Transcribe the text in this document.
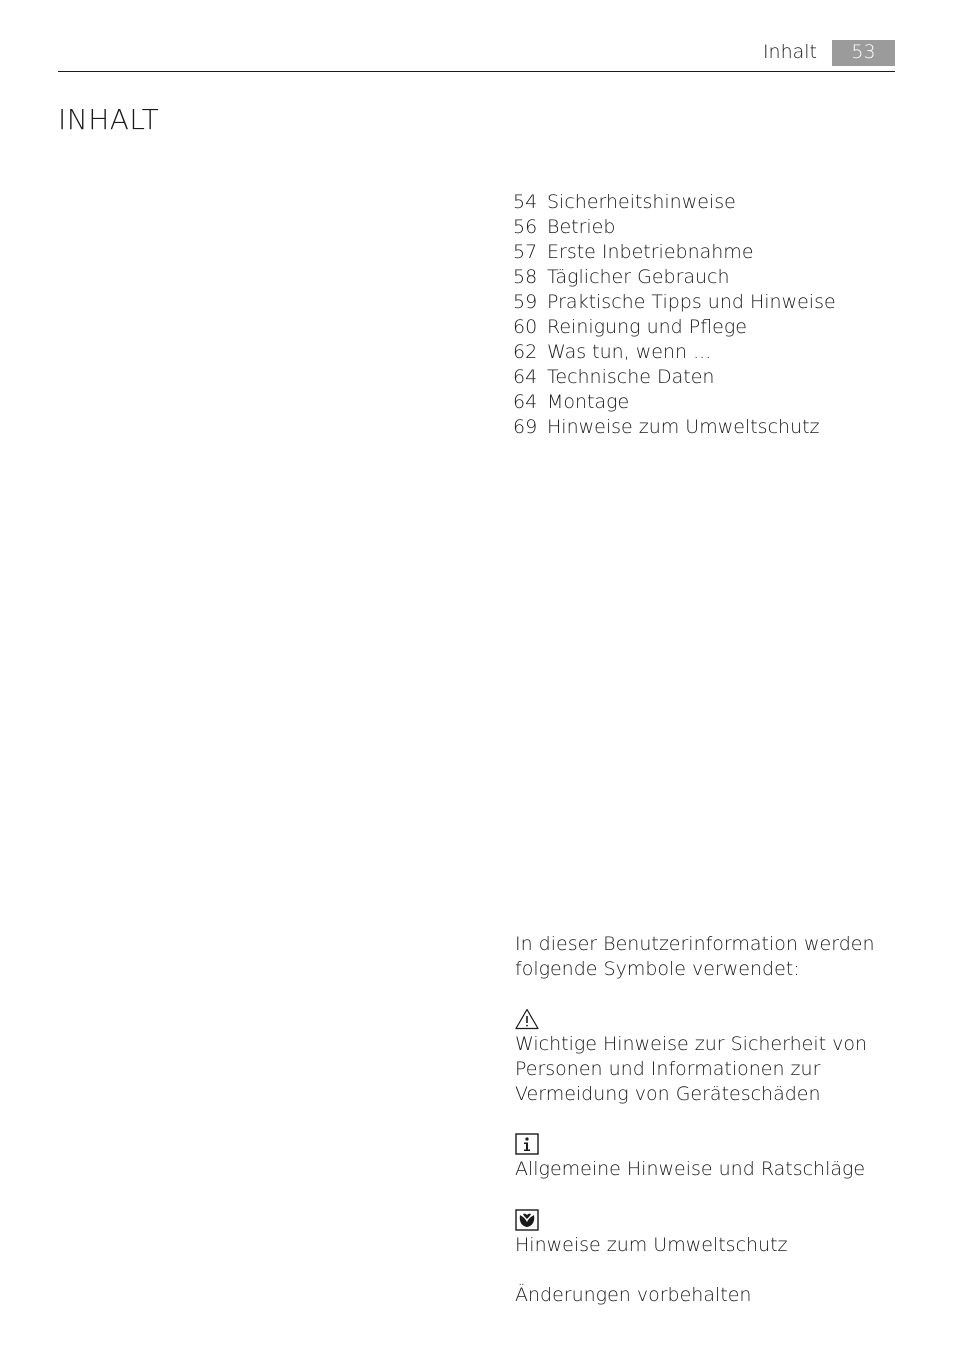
Inhalt	53
INHALT
54 Sicherheitshinweise
56 Betrieb
57 Erste Inbetriebnahme
58 Täglicher Gebrauch
59 Praktische Tipps und Hinweise
60 Reinigung und Pflege
62 Was tun, wenn ...
64 Technische Daten
64 Montage
69 Hinweise zum Umweltschutz

In dieser Benutzerinformation werden folgende Symbole verwendet:

Wichtige Hinweise zur Sicherheit von Personen und Informationen zur Vermeidung von Geräteschäden

Allgemeine Hinweise und Ratschläge

Hinweise zum Umweltschutz

Änderungen vorbehalten
